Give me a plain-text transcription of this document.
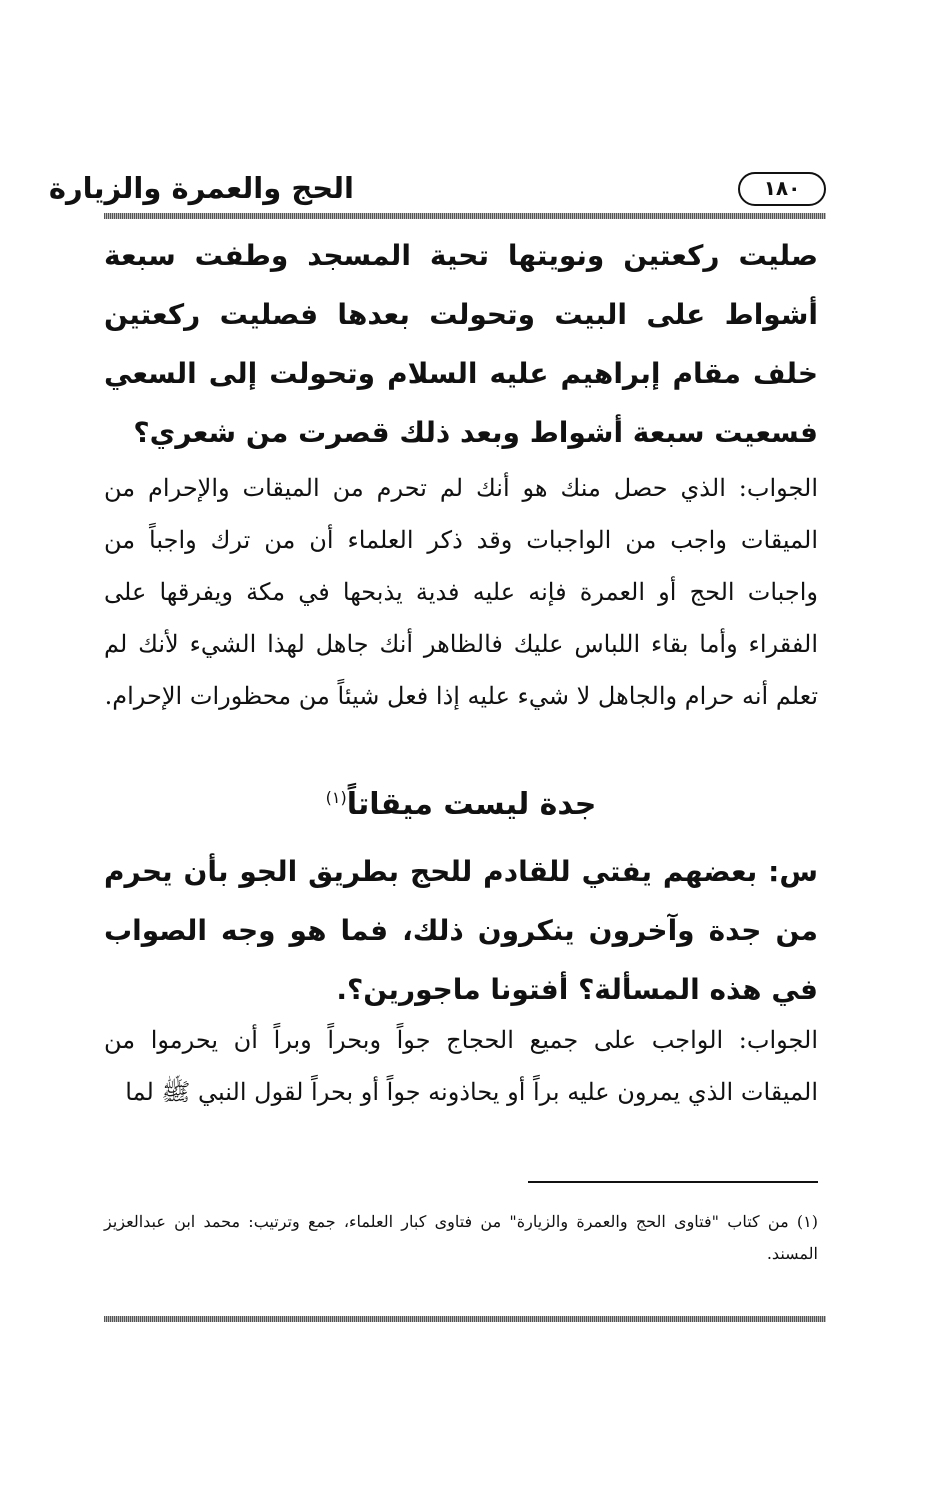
الحج والعمرة والزيارة	١٨٠

صليت ركعتين ونويتها تحية المسجد وطفت سبعة أشواط على البيت وتحولت بعدها فصليت ركعتين خلف مقام إبراهيم عليه السلام وتحولت إلى السعي فسعيت سبعة أشواط وبعد ذلك قصرت من شعري؟

الجواب: الذي حصل منك هو أنك لم تحرم من الميقات والإحرام من الميقات واجب من الواجبات وقد ذكر العلماء أن من ترك واجباً من واجبات الحج أو العمرة فإنه عليه فدية يذبحها في مكة ويفرقها على الفقراء وأما بقاء اللباس عليك فالظاهر أنك جاهل لهذا الشيء لأنك لم تعلم أنه حرام والجاهل لا شيء عليه إذا فعل شيئاً من محظورات الإحرام.

جدة ليست ميقاتاً$^{(١)}$

س: بعضهم يفتي للقادم للحج بطريق الجو بأن يحرم من جدة وآخرون ينكرون ذلك، فما هو وجه الصواب في هذه المسألة؟ أفتونا ماجورين؟.

الجواب: الواجب على جميع الحجاج جواً وبحراً وبراً أن يحرموا من الميقات الذي يمرون عليه براً أو يحاذونه جواً أو بحراً لقول النبي ﷺ لما

(١) من كتاب "فتاوى الحج والعمرة والزيارة" من فتاوى كبار العلماء، جمع وترتيب: محمد ابن عبدالعزيز المسند.
